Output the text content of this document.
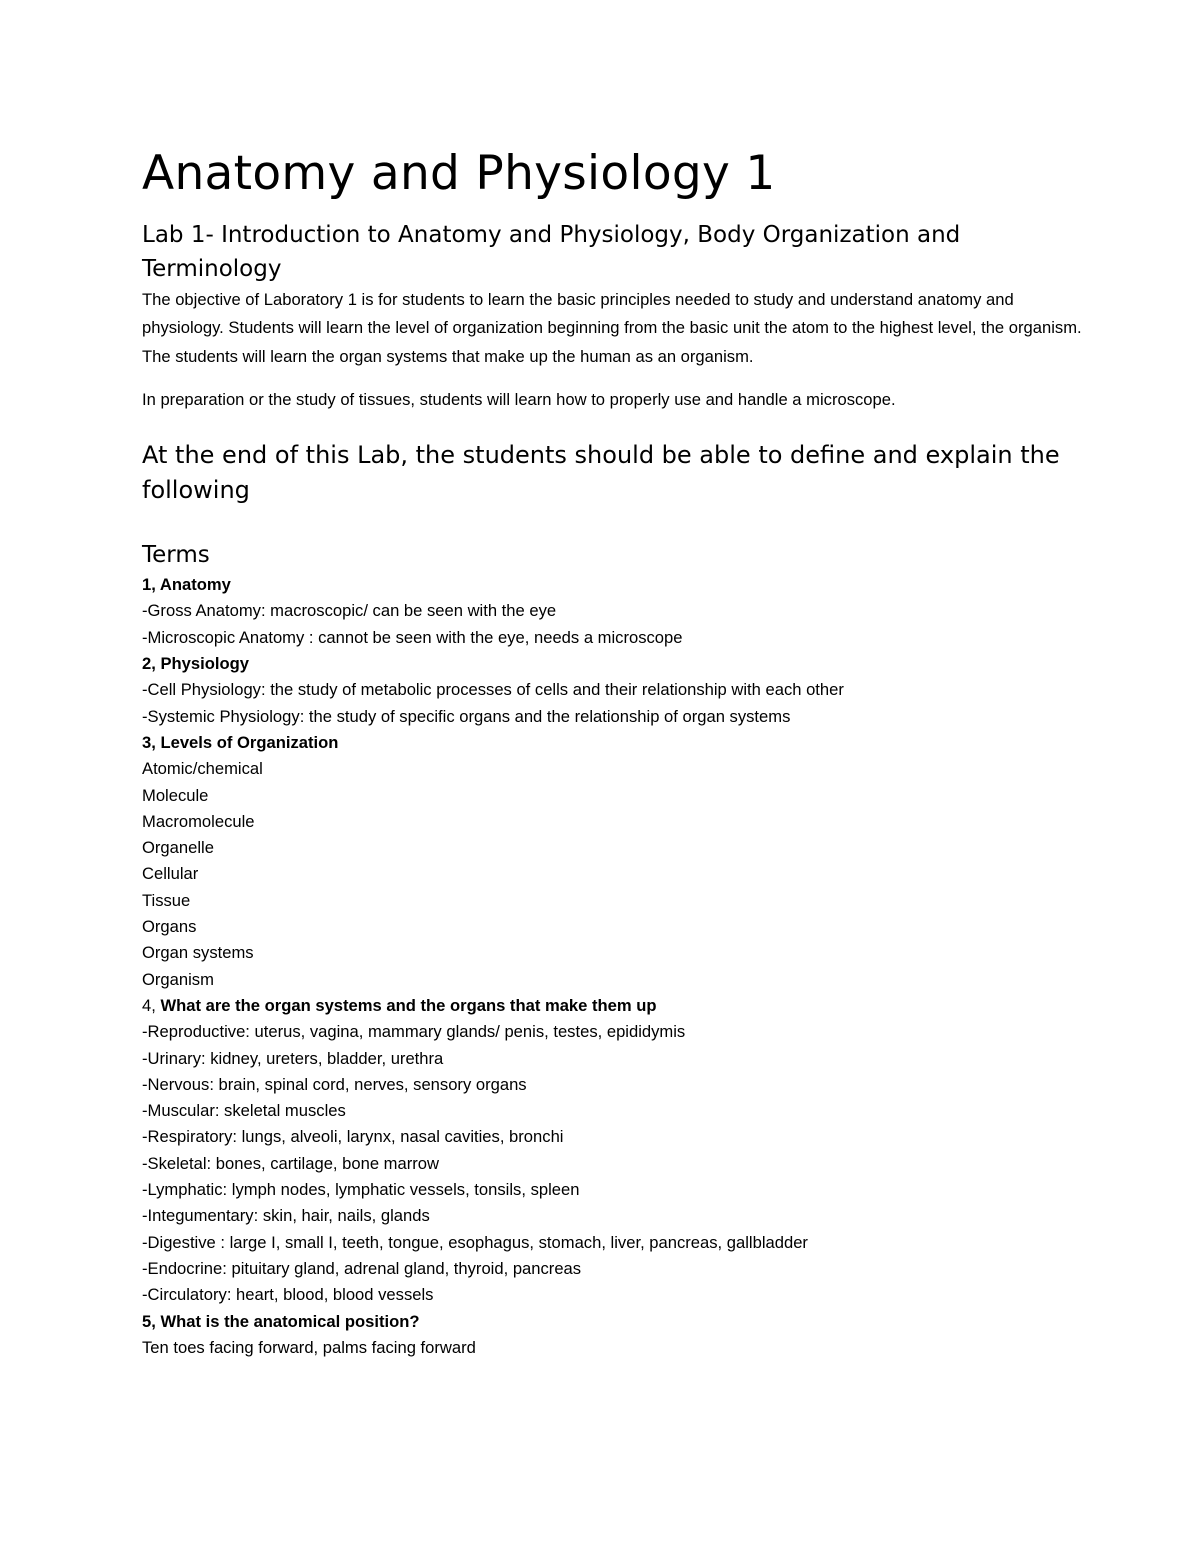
Anatomy and Physiology 1
Lab 1- Introduction to Anatomy and Physiology, Body Organization and Terminology

The objective of Laboratory 1 is for students to learn the basic principles needed to study and understand anatomy and physiology. Students will learn the level of organization beginning from the basic unit the atom to the highest level, the organism. The students will learn the organ systems that make up the human as an organism.

In preparation or the study of tissues, students will learn how to properly use and handle a microscope.

At the end of this Lab, the students should be able to define and explain the following
Terms

1, Anatomy

-Gross Anatomy: macroscopic/ can be seen with the eye

-Microscopic Anatomy : cannot be seen with the eye, needs a microscope

2, Physiology

-Cell Physiology: the study of metabolic processes of cells and their relationship with each other

-Systemic Physiology: the study of specific organs and the relationship of organ systems

3, Levels of Organization

Atomic/chemical

Molecule

Macromolecule

Organelle

Cellular

Tissue

Organs

Organ systems

Organism

4, What are the organ systems and the organs that make them up

-Reproductive: uterus, vagina, mammary glands/ penis, testes, epididymis

-Urinary: kidney, ureters, bladder, urethra

-Nervous: brain, spinal cord, nerves, sensory organs

-Muscular: skeletal muscles

-Respiratory: lungs, alveoli, larynx, nasal cavities, bronchi

-Skeletal: bones, cartilage, bone marrow

-Lymphatic: lymph nodes, lymphatic vessels, tonsils, spleen

-Integumentary: skin, hair, nails, glands

-Digestive : large I, small I, teeth, tongue, esophagus, stomach, liver, pancreas, gallbladder

-Endocrine: pituitary gland, adrenal gland, thyroid, pancreas

-Circulatory: heart, blood, blood vessels

5, What is the anatomical position?

Ten toes facing forward, palms facing forward
